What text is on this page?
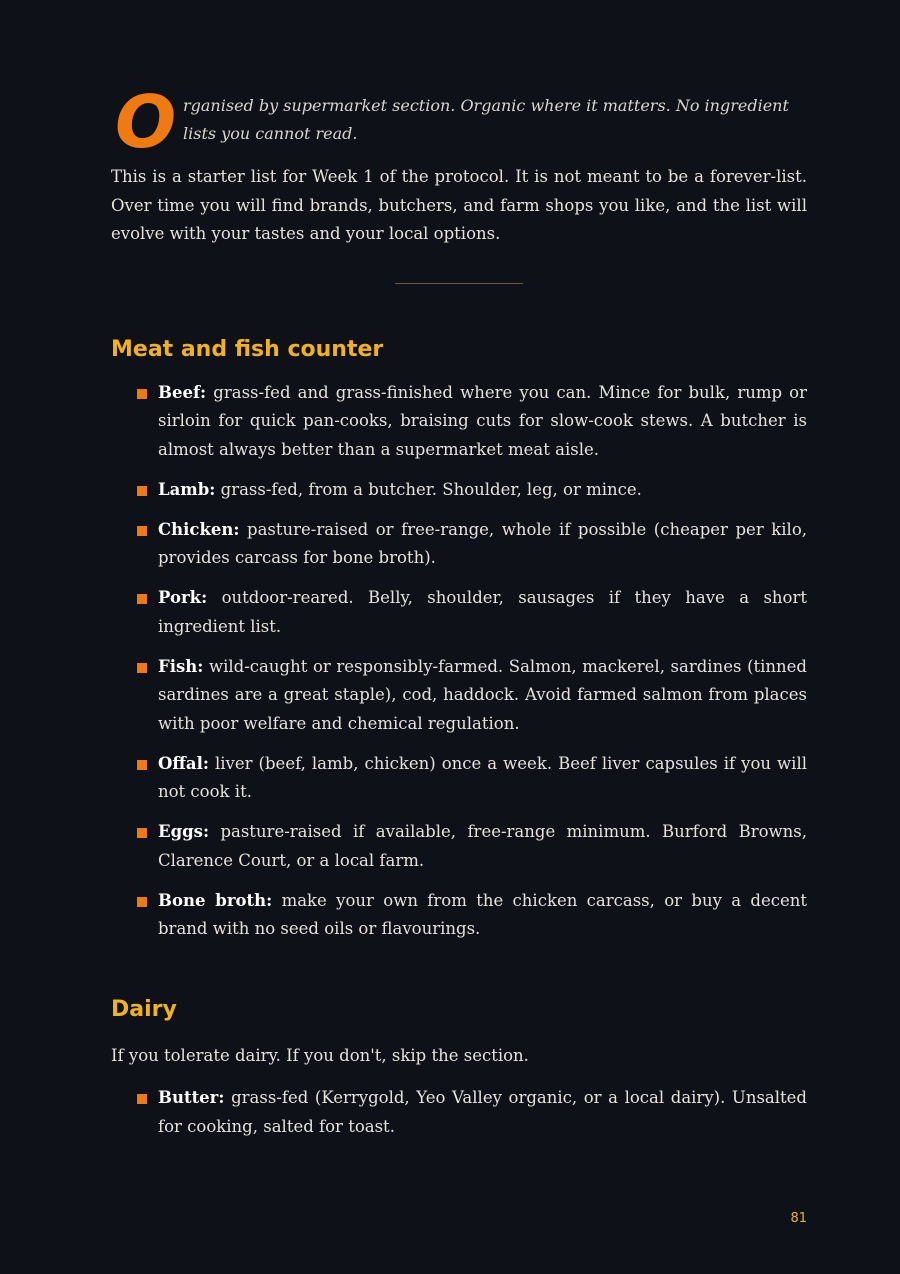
O rganised by supermarket section. Organic where it matters. No ingredient lists you cannot read.

This is a starter list for Week 1 of the protocol. It is not meant to be a forever-list. Over time you will find brands, butchers, and farm shops you like, and the list will evolve with your tastes and your local options.

Meat and fish counter
Beef: grass-fed and grass-finished where you can. Mince for bulk, rump or sirloin for quick pan-cooks, braising cuts for slow-cook stews. A butcher is almost always better than a supermarket meat aisle.
Lamb: grass-fed, from a butcher. Shoulder, leg, or mince.
Chicken: pasture-raised or free-range, whole if possible (cheaper per kilo, provides carcass for bone broth).
Pork: outdoor-reared. Belly, shoulder, sausages if they have a short ingredient list.
Fish: wild-caught or responsibly-farmed. Salmon, mackerel, sardines (tinned sardines are a great staple), cod, haddock. Avoid farmed salmon from places with poor welfare and chemical regulation.
Offal: liver (beef, lamb, chicken) once a week. Beef liver capsules if you will not cook it.
Eggs: pasture-raised if available, free-range minimum. Burford Browns, Clarence Court, or a local farm.
Bone broth: make your own from the chicken carcass, or buy a decent brand with no seed oils or flavourings.
Dairy

If you tolerate dairy. If you don't, skip the section.

Butter: grass-fed (Kerrygold, Yeo Valley organic, or a local dairy). Unsalted for cooking, salted for toast.
81
